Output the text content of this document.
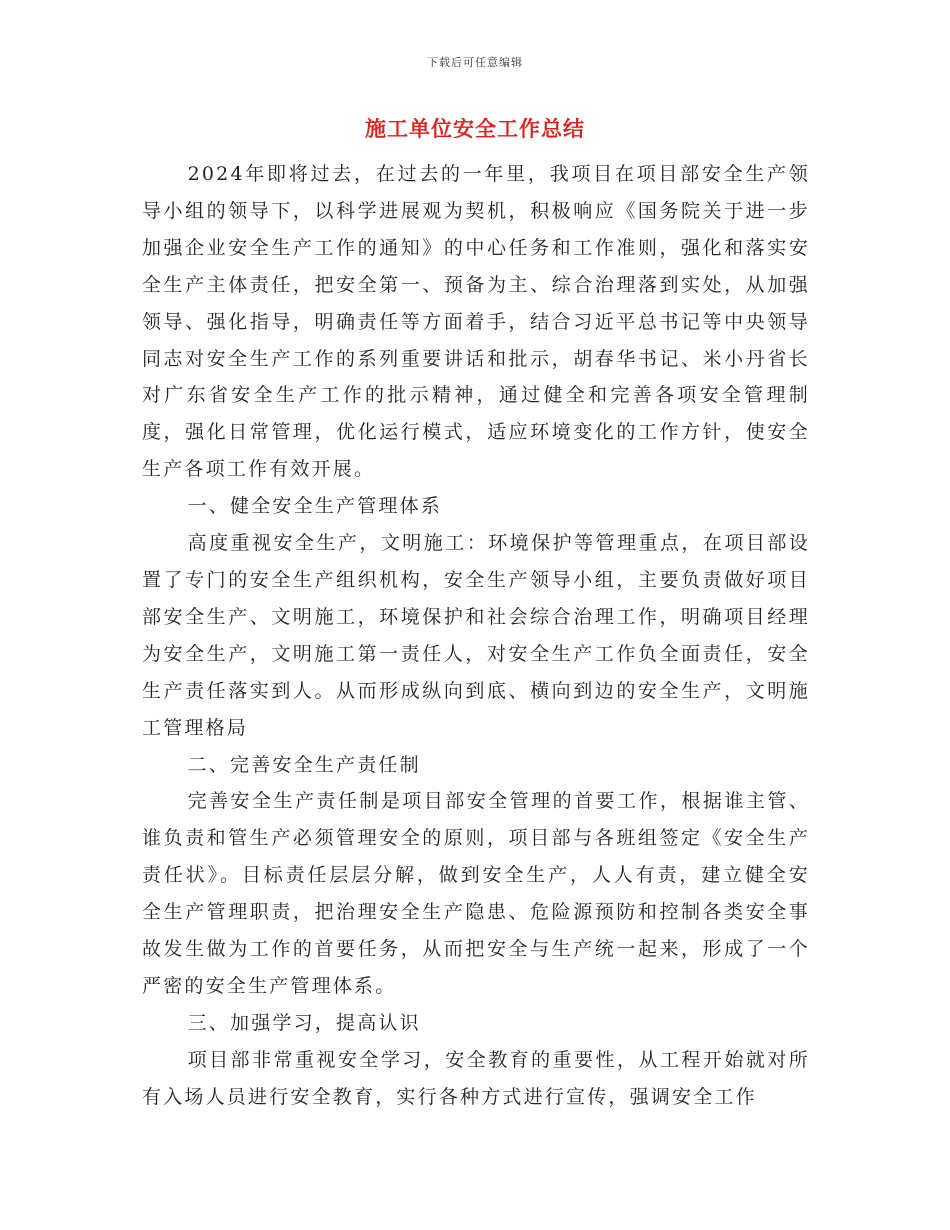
下载后可任意编辑
施工单位安全工作总结

2024年即将过去，在过去的一年里，我项目在项目部安全生产领导小组的领导下，以科学进展观为契机，积极响应《国务院关于进一步加强企业安全生产工作的通知》的中心任务和工作准则，强化和落实安全生产主体责任，把安全第一、预备为主、综合治理落到实处，从加强领导、强化指导，明确责任等方面着手，结合习近平总书记等中央领导同志对安全生产工作的系列重要讲话和批示，胡春华书记、米小丹省长对广东省安全生产工作的批示精神，通过健全和完善各项安全管理制度，强化日常管理，优化运行模式，适应环境变化的工作方针，使安全生产各项工作有效开展。

一、健全安全生产管理体系

高度重视安全生产，文明施工：环境保护等管理重点，在项目部设置了专门的安全生产组织机构，安全生产领导小组，主要负责做好项目部安全生产、文明施工，环境保护和社会综合治理工作，明确项目经理为安全生产，文明施工第一责任人，对安全生产工作负全面责任，安全生产责任落实到人。从而形成纵向到底、横向到边的安全生产，文明施工管理格局

二、完善安全生产责任制

完善安全生产责任制是项目部安全管理的首要工作，根据谁主管、谁负责和管生产必须管理安全的原则，项目部与各班组签定《安全生产责任状》。目标责任层层分解，做到安全生产，人人有责，建立健全安全生产管理职责，把治理安全生产隐患、危险源预防和控制各类安全事故发生做为工作的首要任务，从而把安全与生产统一起来，形成了一个严密的安全生产管理体系。

三、加强学习，提高认识

项目部非常重视安全学习，安全教育的重要性，从工程开始就对所有入场人员进行安全教育，实行各种方式进行宣传，强调安全工作
